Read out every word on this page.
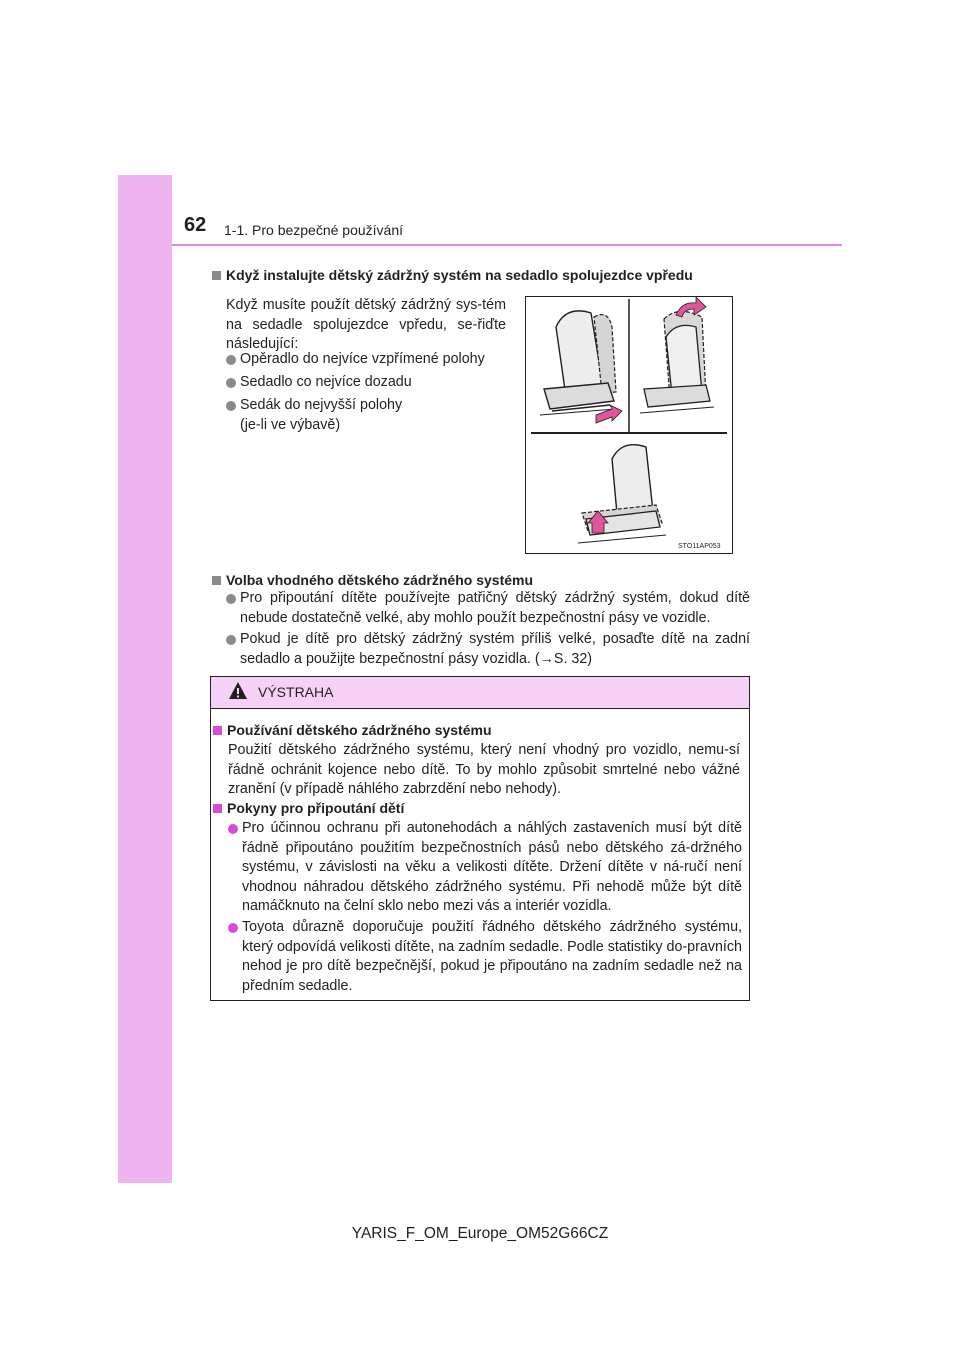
62 1-1. Pro bezpečné používání
Když instalujte dětský zádržný systém na sedadlo spolujezdce vpředu
Když musíte použít dětský zádržný sys-tém na sedadle spolujezdce vpředu, se-řiďte následující:
Opěradlo do nejvíce vzpřímené polohy
Sedadlo co nejvíce dozadu
Sedák do nejvyšší polohy
(je-li ve výbavě)
STO11AP053
Volba vhodného dětského zádržného systému
Pro připoutání dítěte používejte patřičný dětský zádržný systém, dokud dítě nebude dostatečně velké, aby mohlo použít bezpečnostní pásy ve vozidle.
Pokud je dítě pro dětský zádržný systém příliš velké, posaďte dítě na zadní sedadlo a použijte bezpečnostní pásy vozidla. (→S. 32)
VÝSTRAHA
Používání dětského zádržného systému
Použití dětského zádržného systému, který není vhodný pro vozidlo, nemu-sí řádně ochránit kojence nebo dítě. To by mohlo způsobit smrtelné nebo vážné zranění (v případě náhlého zabrzdění nebo nehody).
Pokyny pro připoutání dětí
Pro účinnou ochranu při autonehodách a náhlých zastaveních musí být dítě řádně připoutáno použitím bezpečnostních pásů nebo dětského zá-držného systému, v závislosti na věku a velikosti dítěte. Držení dítěte v ná-ručí není vhodnou náhradou dětského zádržného systému. Při nehodě může být dítě namáčknuto na čelní sklo nebo mezi vás a interiér vozidla.
Toyota důrazně doporučuje použití řádného dětského zádržného systému, který odpovídá velikosti dítěte, na zadním sedadle. Podle statistiky do-pravních nehod je pro dítě bezpečnější, pokud je připoutáno na zadním sedadle než na předním sedadle.
YARIS_F_OM_Europe_OM52G66CZ
